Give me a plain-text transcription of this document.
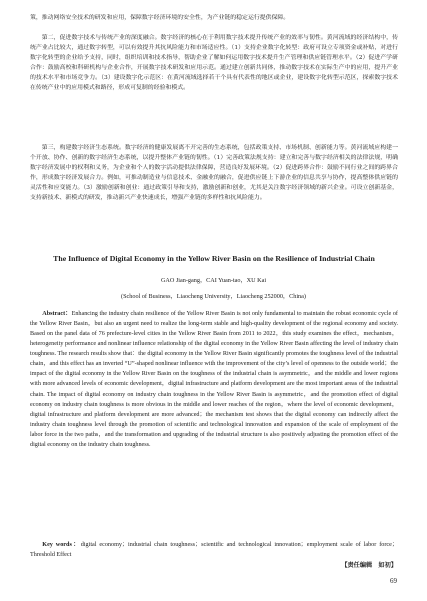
策，推动网络安全技术的研发和应用，保障数字经济环境的安全性，为产业链的稳定运行提供保障。

第二，促进数字技术与传统产业的深度融合。数字经济的核心在于利用数字技术提升传统产业的效率与韧性。黄河流域的经济结构中，传统产业占比较大，通过数字转型，可以有效提升其抗风险能力和市场适应性。（1）支持企业数字化转型：政府可设立专项资金或补贴，对进行数字化转型的企业给予支持，同时，组织培训和技术指导，帮助企业了解如何运用数字技术提升生产管理和供应链管理水平。（2）促进产学研合作：鼓励高校和科研机构与企业合作，开展数字技术研发和应用示范。通过建立创新共同体，推动数字技术在实际生产中的应用，提升产业的技术水平和市场竞争力。（3）建设数字化示范区：在黄河流域选择若干个具有代表性的地区或企业，建设数字化转型示范区，探索数字技术在传统产业中的应用模式和路径，形成可复制的经验和模式。

第三，构建数字经济生态系统。数字经济的健康发展离不开完善的生态系统，包括政策支持、市场机制、创新能力等。黄河流域应构建一个开放、协作、创新的数字经济生态系统，以提升整体产业链的韧性。（1）完善政策法规支持：建立和完善与数字经济相关的法律法规，明确数字经济发展中的权利和义务，为企业和个人的数字活动提供法律保障，营造良好发展环境。（2）促进跨界合作：鼓励不同行业之间的跨界合作，形成数字经济发展合力。例如，可推动制造业与信息技术、金融业的融合，促进供应链上下游企业的信息共享与协作，提高整体供应链的灵活性和应变能力。（3）激励创新和创业：通过政策引导和支持，激励创新和创业，尤其是关注数字经济领域的新兴企业。可设立创新基金，支持新技术、新模式的研发，推动新兴产业快速成长，增强产业链的多样性和抗风险能力。

The Influence of Digital Economy in the Yellow River Basin on the Resilience of Industrial Chain
GAO Jian-gang，CAI Yuan-tao，XU Kai
(School of Business，Liaocheng University，Liaocheng 252000，China)

Abstract：Enhancing the industry chain resilience of the Yellow River Basin is not only fundamental to maintain the robust economic cycle of the Yellow River Basin，but also an urgent need to realize the long-term stable and high-quality development of the regional economy and society. Based on the panel data of 76 prefecture-level cities in the Yellow River Basin from 2011 to 2022，this study examines the effect，mechanism，heterogeneity performance and nonlinear influence relationship of the digital economy in the Yellow River Basin affecting the level of industry chain toughness. The research results show that：the digital economy in the Yellow River Basin significantly promotes the toughness level of the industrial chain，and this effect has an inverted “U”-shaped nonlinear influence with the improvement of the city’s level of openness to the outside world；the impact of the digital economy in the Yellow River Basin on the toughness of the industrial chain is asymmetric，and the middle and lower regions with more advanced levels of economic development，digital infrastructure and platform development are the most important areas of the industrial chain. The impact of digital economy on industry chain toughness in the Yellow River Basin is asymmetric，and the promotion effect of digital economy on industry chain toughness is more obvious in the middle and lower reaches of the region，where the level of economic development，digital infrastructure and platform development are more advanced；the mechanism test shows that the digital economy can indirectly affect the industry chain toughness level through the promotion of scientific and technological innovation and expansion of the scale of employment of the labor force in the two paths，and the transformation and upgrading of the industrial structure is also positively adjusting the promotion effect of the digital economy on the industry chain toughness.

Key words：digital economy；industrial chain toughness；scientific and technological innovation；employment scale of labor force；Threshold Effect

【责任编辑　如初】
69
